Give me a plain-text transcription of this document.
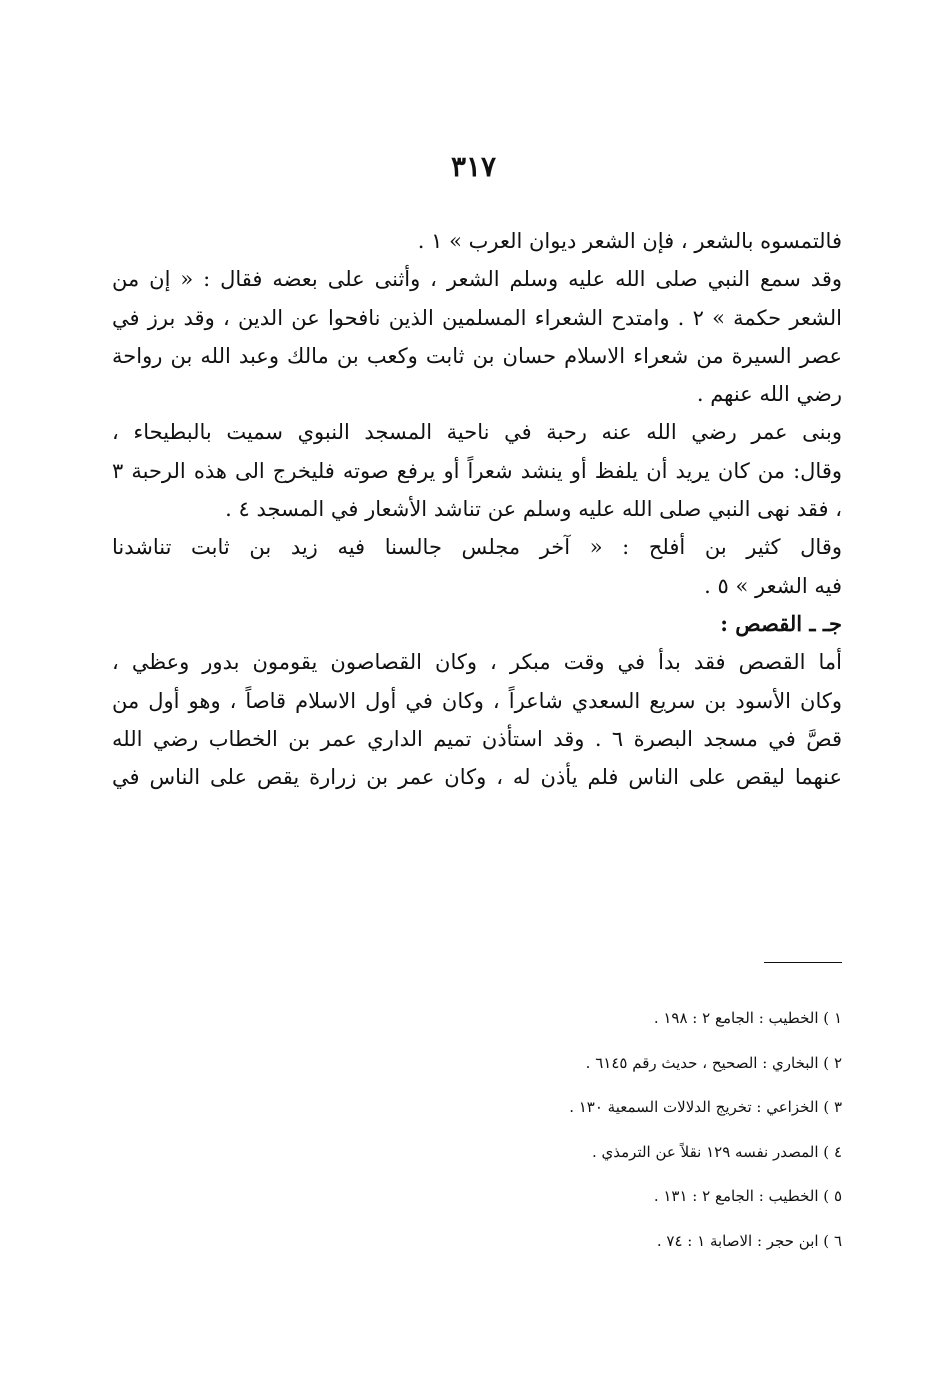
٣١٧
فالتمسوه بالشعر ، فإن الشعر ديوان العرب » ١ .
وقد سمع النبي صلى الله عليه وسلم الشعر ، وأثنى على بعضه فقال : « إن من
الشعر حكمة » ٢ . وامتدح الشعراء المسلمين الذين نافحوا عن الدين ، وقد برز في
عصر السيرة من شعراء الاسلام حسان بن ثابت وكعب بن مالك وعبد الله بن رواحة
رضي الله عنهم .
وبنى عمر رضي الله عنه رحبة في ناحية المسجد النبوي سميت بالبطيحاء ،
وقال: من كان يريد أن يلفظ أو ينشد شعراً أو يرفع صوته فليخرج الى هذه الرحبة ٣
، فقد نهى النبي صلى الله عليه وسلم عن تناشد الأشعار في المسجد ٤ .
وقال كثير بن أفلح : « آخر مجلس جالسنا فيه زيد بن ثابت تناشدنا
فيه الشعر » ٥ .
جـ ـ القصص :
أما القصص فقد بدأ في وقت مبكر ، وكان القصاصون يقومون بدور وعظي ،
وكان الأسود بن سريع السعدي شاعراً ، وكان في أول الاسلام قاصاً ، وهو أول من
قصَّ في مسجد البصرة ٦ . وقد استأذن تميم الداري عمر بن الخطاب رضي الله
عنهما ليقص على الناس فلم يأذن له ، وكان عمر بن زرارة يقص على الناس في
١ ) الخطيب : الجامع ٢ : ١٩٨ .
٢ ) البخاري : الصحيح ، حديث رقم ٦١٤٥ .
٣ ) الخزاعي : تخريج الدلالات السمعية ١٣٠ .
٤ ) المصدر نفسه ١٢٩ نقلاً عن الترمذي .
٥ ) الخطيب : الجامع ٢ : ١٣١ .
٦ ) ابن حجر : الاصابة ١ : ٧٤ .
